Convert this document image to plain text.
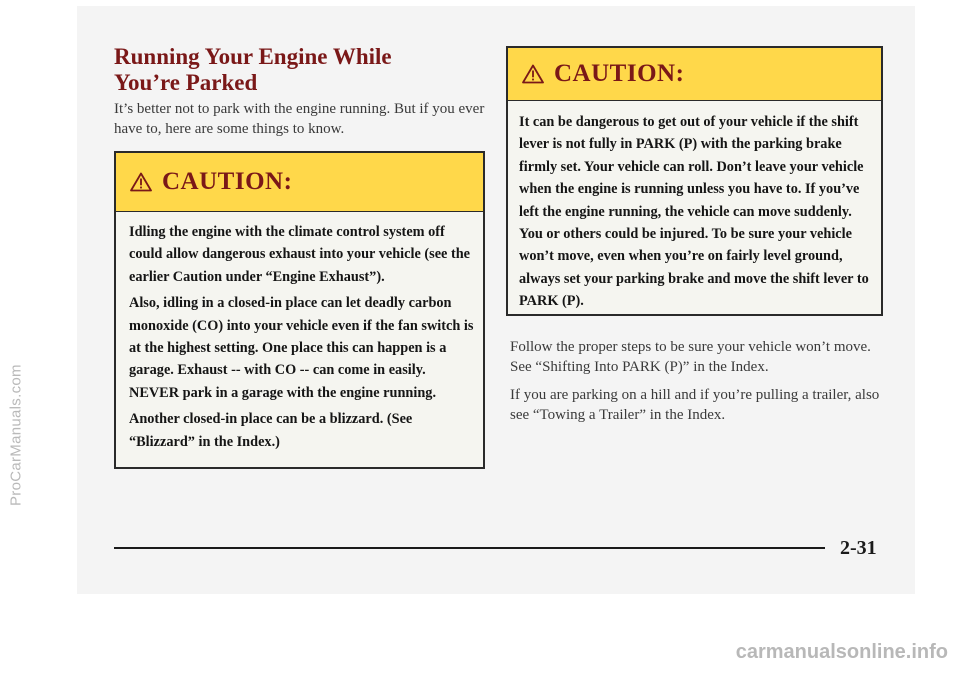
Running Your Engine While
You’re Parked
It’s better not to park with the engine running. But if you ever have to, here are some things to know.
CAUTION:

Idling the engine with the climate control system off could allow dangerous exhaust into your vehicle (see the earlier Caution under “Engine Exhaust”).

Also, idling in a closed-in place can let deadly carbon monoxide (CO) into your vehicle even if the fan switch is at the highest setting. One place this can happen is a garage. Exhaust -- with CO -- can come in easily. NEVER park in a garage with the engine running.

Another closed-in place can be a blizzard. (See “Blizzard” in the Index.)

CAUTION:

It can be dangerous to get out of your vehicle if the shift lever is not fully in PARK (P) with the parking brake firmly set. Your vehicle can roll. Don’t leave your vehicle when the engine is running unless you have to. If you’ve left the engine running, the vehicle can move suddenly. You or others could be injured. To be sure your vehicle won’t move, even when you’re on fairly level ground, always set your parking brake and move the shift lever to PARK (P).

Follow the proper steps to be sure your vehicle won’t move. See “Shifting Into PARK (P)” in the Index.

If you are parking on a hill and if you’re pulling a trailer, also see “Towing a Trailer” in the Index.

2-31
ProCarManuals.com
carmanualsonline.info
